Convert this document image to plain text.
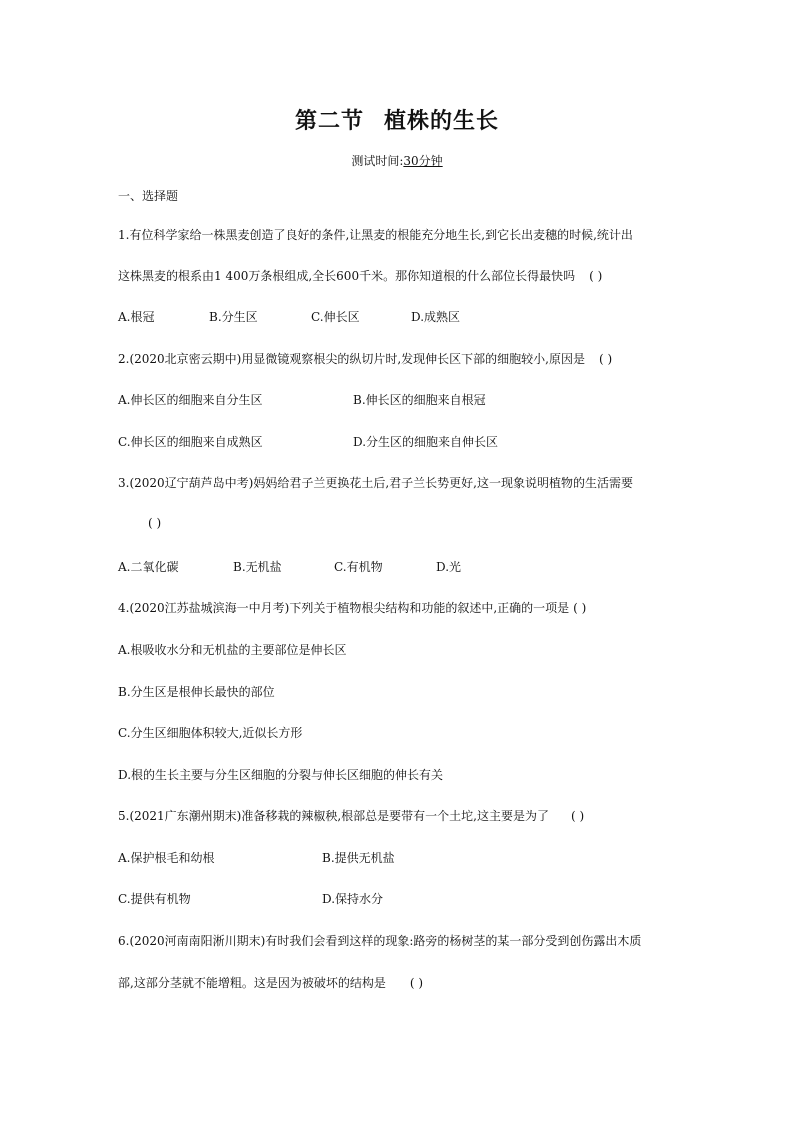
第二节 植株的生长
测试时间:30分钟
一、选择题
1.有位科学家给一株黑麦创造了良好的条件,让黑麦的根能充分地生长,到它长出麦穗的时候,统计出
这株黑麦的根系由1 400万条根组成,全长600千米。那你知道根的什么部位长得最快吗 ( )
A.根冠	B.分生区	C.伸长区	D.成熟区
2.(2020北京密云期中)用显微镜观察根尖的纵切片时,发现伸长区下部的细胞较小,原因是 ( )
A.伸长区的细胞来自分生区	B.伸长区的细胞来自根冠
C.伸长区的细胞来自成熟区	D.分生区的细胞来自伸长区
3.(2020辽宁葫芦岛中考)妈妈给君子兰更换花土后,君子兰长势更好,这一现象说明植物的生活需要
( )
A.二氧化碳	B.无机盐	C.有机物	D.光
4.(2020江苏盐城滨海一中月考)下列关于植物根尖结构和功能的叙述中,正确的一项是 ( )
A.根吸收水分和无机盐的主要部位是伸长区
B.分生区是根伸长最快的部位
C.分生区细胞体积较大,近似长方形
D.根的生长主要与分生区细胞的分裂与伸长区细胞的伸长有关
5.(2021广东潮州期末)准备移栽的辣椒秧,根部总是要带有一个土坨,这主要是为了 ( )
A.保护根毛和幼根	B.提供无机盐
C.提供有机物	D.保持水分
6.(2020河南南阳淅川期末)有时我们会看到这样的现象:路旁的杨树茎的某一部分受到创伤露出木质
部,这部分茎就不能增粗。这是因为被破坏的结构是 ( )
